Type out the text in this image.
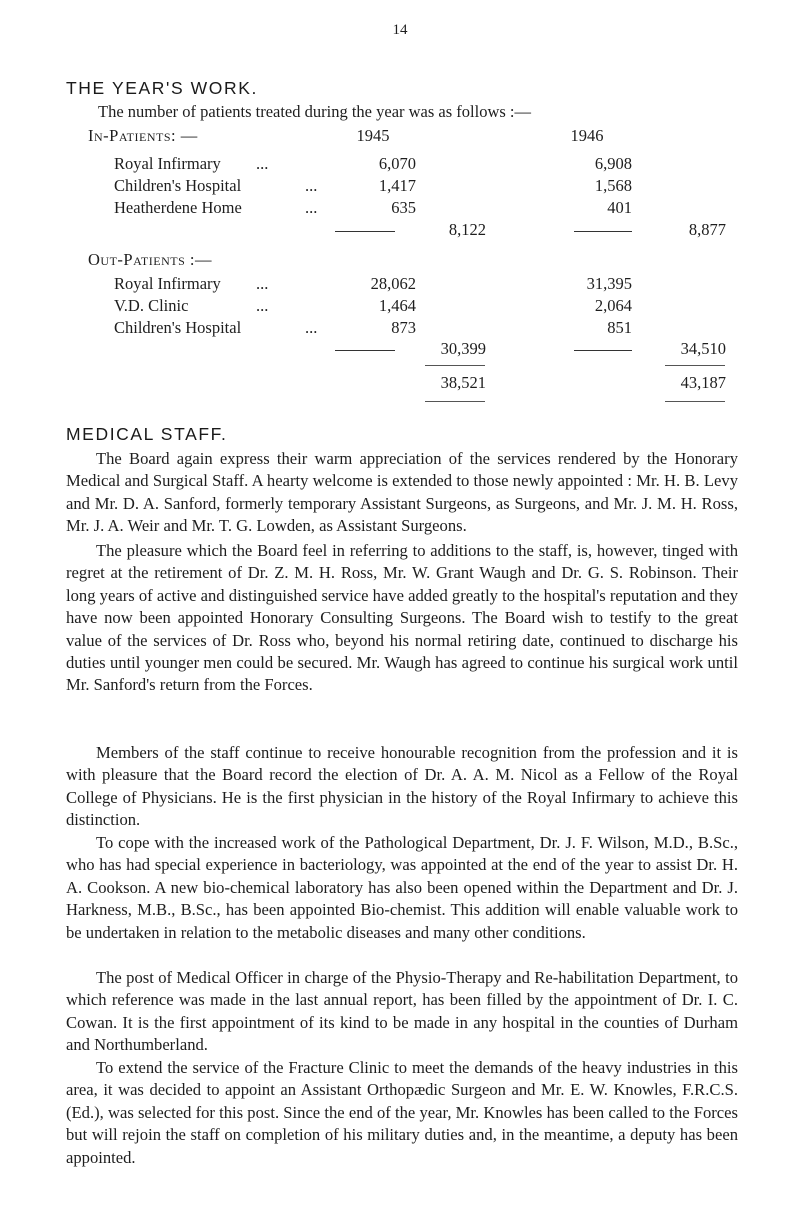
14
THE YEAR'S WORK.
The number of patients treated during the year was as follows :—
In-Patients: —	1945	1946
Royal Infirmary ...	6,070	6,908
Children's Hospital	...	1,417	1,568
Heatherdene Home	...	635	401
8,122	8,877
Out-Patients :—
Royal Infirmary ...	28,062	31,395
V.D. Clinic	...	1,464	2,064
Children's Hospital	...	873	851
30,399	34,510
38,521	43,187
MEDICAL STAFF.

The Board again express their warm appreciation of the services rendered by the Honorary Medical and Surgical Staff. A hearty welcome is extended to those newly appointed : Mr. H. B. Levy and Mr. D. A. Sanford, formerly temporary Assistant Surgeons, as Surgeons, and Mr. J. M. H. Ross, Mr. J. A. Weir and Mr. T. G. Lowden, as Assistant Surgeons.

The pleasure which the Board feel in referring to additions to the staff, is, however, tinged with regret at the retirement of Dr. Z. M. H. Ross, Mr. W. Grant Waugh and Dr. G. S. Robinson. Their long years of active and distinguished service have added greatly to the hospital's reputation and they have now been appointed Honorary Consulting Surgeons. The Board wish to testify to the great value of the services of Dr. Ross who, beyond his normal retiring date, continued to discharge his duties until younger men could be secured. Mr. Waugh has agreed to continue his surgical work until Mr. Sanford's return from the Forces.

Members of the staff continue to receive honourable recognition from the profession and it is with pleasure that the Board record the election of Dr. A. A. M. Nicol as a Fellow of the Royal College of Physicians. He is the first physician in the history of the Royal Infirmary to achieve this distinction.

To cope with the increased work of the Pathological Department, Dr. J. F. Wilson, M.D., B.Sc., who has had special experience in bacteriology, was appointed at the end of the year to assist Dr. H. A. Cookson. A new bio-chemical laboratory has also been opened within the Department and Dr. J. Harkness, M.B., B.Sc., has been appointed Bio-chemist. This addition will enable valuable work to be undertaken in relation to the metabolic diseases and many other conditions.

The post of Medical Officer in charge of the Physio-Therapy and Re-habilitation Department, to which reference was made in the last annual report, has been filled by the appointment of Dr. I. C. Cowan. It is the first appointment of its kind to be made in any hospital in the counties of Durham and Northumberland.

To extend the service of the Fracture Clinic to meet the demands of the heavy industries in this area, it was decided to appoint an Assistant Orthopædic Surgeon and Mr. E. W. Knowles, F.R.C.S. (Ed.), was selected for this post. Since the end of the year, Mr. Knowles has been called to the Forces but will rejoin the staff on completion of his military duties and, in the meantime, a deputy has been appointed.
